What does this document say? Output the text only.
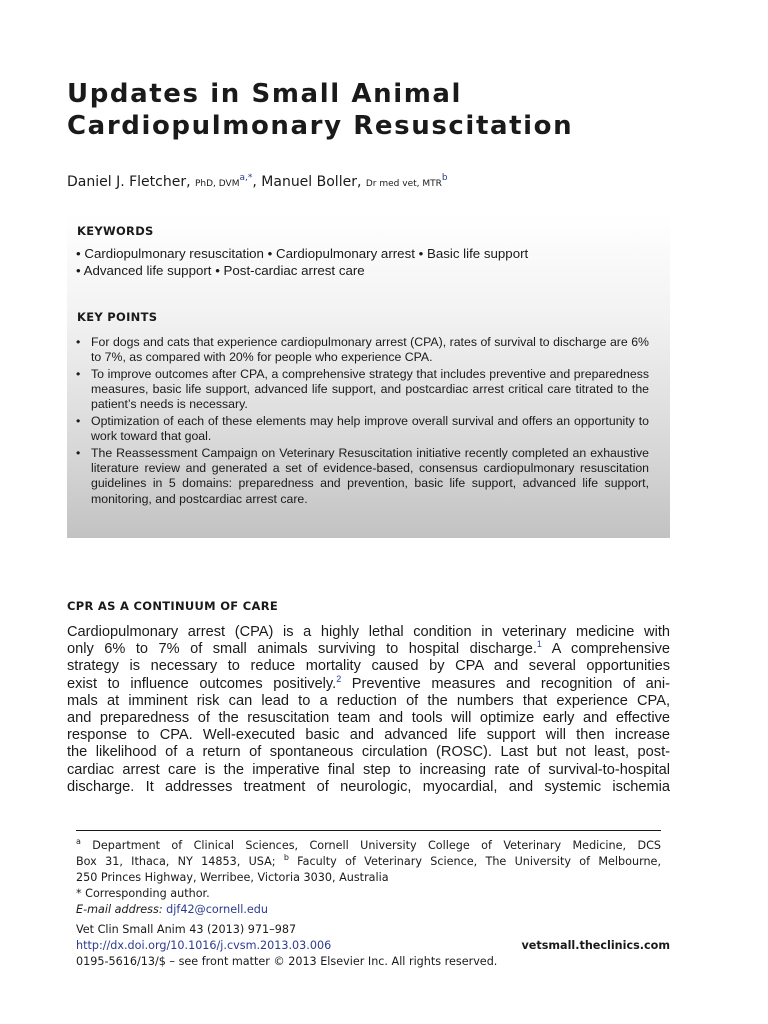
Updates in Small Animal
Cardiopulmonary Resuscitation
Daniel J. Fletcher, PhD, $DVM^{a,*}$, Manuel Boller, Dr med vet, MTR$^b$
KEYWORDS
• Cardiopulmonary resuscitation • Cardiopulmonary arrest • Basic life support
• Advanced life support • Post-cardiac arrest care
KEY POINTS
• For dogs and cats that experience cardiopulmonary arrest (CPA), rates of survival to discharge are 6% to 7%, as compared with 20% for people who experience CPA.
• To improve outcomes after CPA, a comprehensive strategy that includes preventive and preparedness measures, basic life support, advanced life support, and postcardiac arrest critical care titrated to the patient’s needs is necessary.
• Optimization of each of these elements may help improve overall survival and offers an opportunity to work toward that goal.
• The Reassessment Campaign on Veterinary Resuscitation initiative recently completed an exhaustive literature review and generated a set of evidence-based, consensus cardiopulmonary resuscitation guidelines in 5 domains: preparedness and prevention, basic life support, advanced life support, monitoring, and postcardiac arrest care.
CPR AS A CONTINUUM OF CARE
Cardiopulmonary arrest (CPA) is a highly lethal condition in veterinary medicine with
only 6% to 7% of small animals surviving to hospital discharge.$^1$ A comprehensive
strategy is necessary to reduce mortality caused by CPA and several opportunities
exist to influence outcomes positively.$^2$ Preventive measures and recognition of ani-
mals at imminent risk can lead to a reduction of the numbers that experience CPA,
and preparedness of the resuscitation team and tools will optimize early and effective
response to CPA. Well-executed basic and advanced life support will then increase
the likelihood of a return of spontaneous circulation (ROSC). Last but not least, post-
cardiac arrest care is the imperative final step to increasing rate of survival-to-hospital
discharge. It addresses treatment of neurologic, myocardial, and systemic ischemia
$^a$ Department of Clinical Sciences, Cornell University College of Veterinary Medicine, DCS
Box 31, Ithaca, NY 14853, USA; $^b$ Faculty of Veterinary Science, The University of Melbourne,
250 Princes Highway, Werribee, Victoria 3030, Australia
* Corresponding author.
E-mail address: djf42@cornell.edu
Vet Clin Small Anim 43 (2013) 971–987
http://dx.doi.org/10.1016/j.cvsm.2013.03.006	vetsmall.theclinics.com
0195-5616/13/$ – see front matter © 2013 Elsevier Inc. All rights reserved.
